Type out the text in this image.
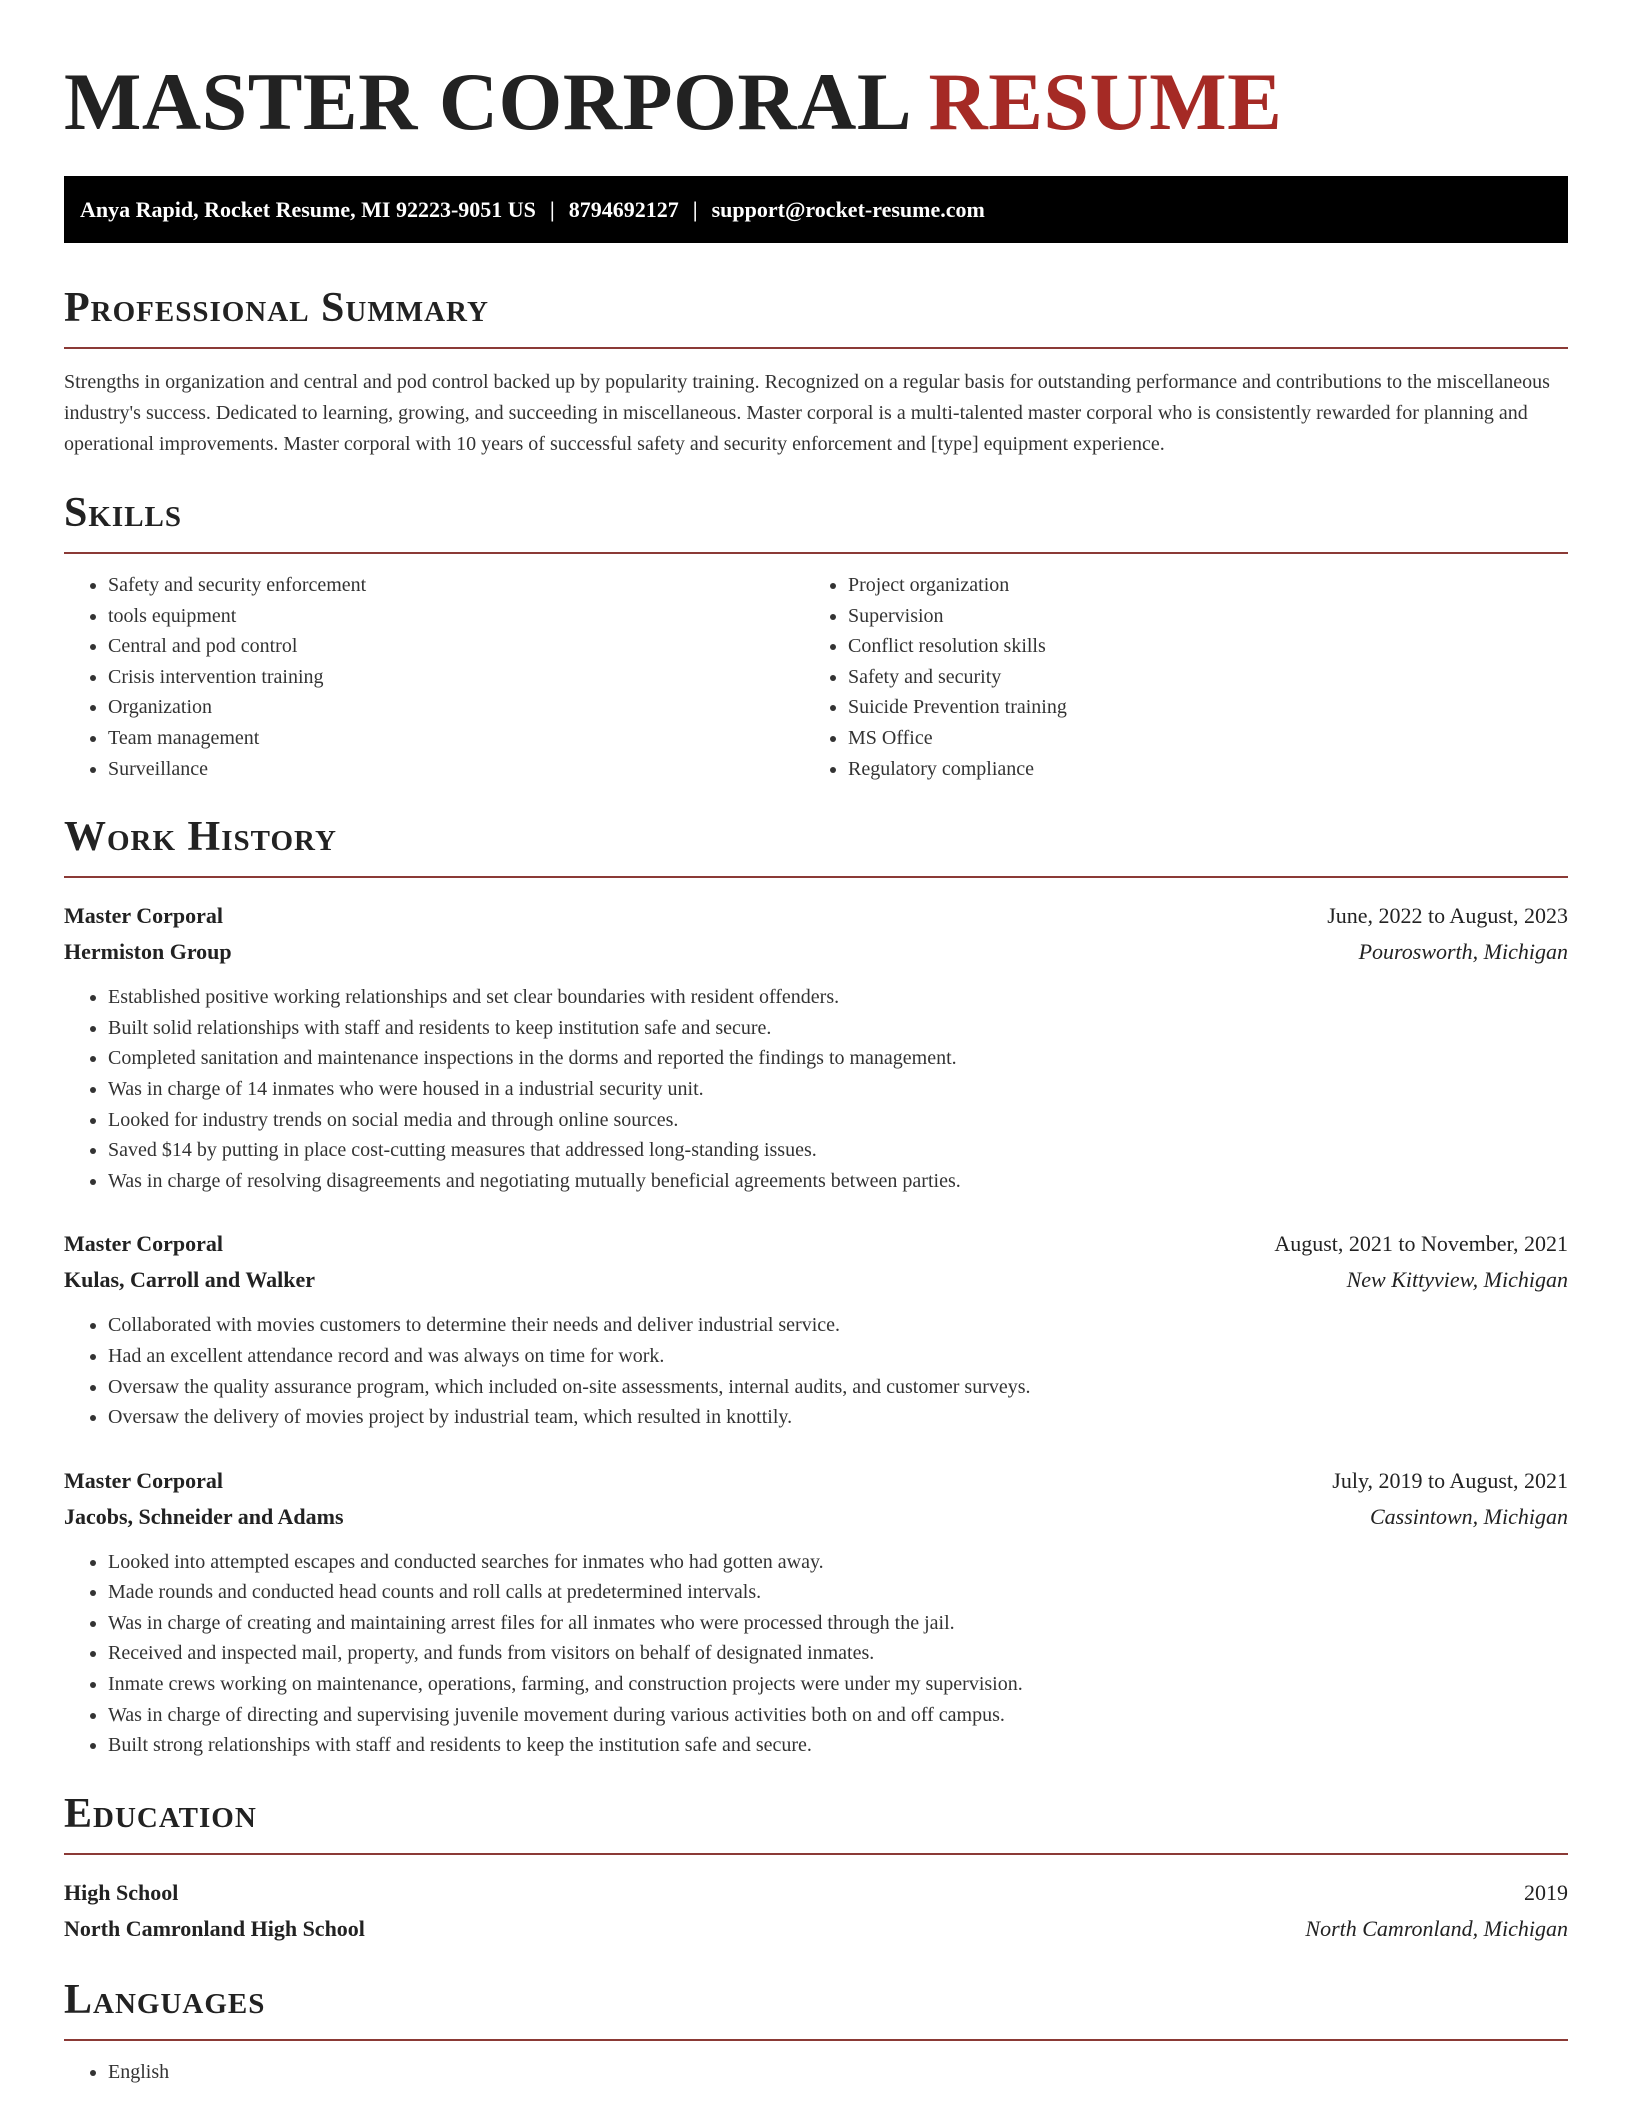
MASTER CORPORAL RESUME
Anya Rapid, Rocket Resume, MI 92223-9051 US | 8794692127 | support@rocket-resume.com
Professional Summary

Strengths in organization and central and pod control backed up by popularity training. Recognized on a regular basis for outstanding performance and contributions to the miscellaneous industry's success. Dedicated to learning, growing, and succeeding in miscellaneous. Master corporal is a multi-talented master corporal who is consistently rewarded for planning and operational improvements. Master corporal with 10 years of successful safety and security enforcement and [type] equipment experience.

Skills
• Safety and security enforcement
• tools equipment
• Central and pod control
• Crisis intervention training
• Organization
• Team management
• Surveillance
• Project organization
• Supervision
• Conflict resolution skills
• Safety and security
• Suicide Prevention training
• MS Office
• Regulatory compliance
Work History
Master Corporal	June, 2022 to August, 2023
Hermiston Group	Pourosworth, Michigan
• Established positive working relationships and set clear boundaries with resident offenders.
• Built solid relationships with staff and residents to keep institution safe and secure.
• Completed sanitation and maintenance inspections in the dorms and reported the findings to management.
• Was in charge of 14 inmates who were housed in a industrial security unit.
• Looked for industry trends on social media and through online sources.
• Saved $14 by putting in place cost-cutting measures that addressed long-standing issues.
• Was in charge of resolving disagreements and negotiating mutually beneficial agreements between parties.
Master Corporal	August, 2021 to November, 2021
Kulas, Carroll and Walker	New Kittyview, Michigan
• Collaborated with movies customers to determine their needs and deliver industrial service.
• Had an excellent attendance record and was always on time for work.
• Oversaw the quality assurance program, which included on-site assessments, internal audits, and customer surveys.
• Oversaw the delivery of movies project by industrial team, which resulted in knottily.
Master Corporal	July, 2019 to August, 2021
Jacobs, Schneider and Adams	Cassintown, Michigan
• Looked into attempted escapes and conducted searches for inmates who had gotten away.
• Made rounds and conducted head counts and roll calls at predetermined intervals.
• Was in charge of creating and maintaining arrest files for all inmates who were processed through the jail.
• Received and inspected mail, property, and funds from visitors on behalf of designated inmates.
• Inmate crews working on maintenance, operations, farming, and construction projects were under my supervision.
• Was in charge of directing and supervising juvenile movement during various activities both on and off campus.
• Built strong relationships with staff and residents to keep the institution safe and secure.
Education
High School	2019
North Camronland High School	North Camronland, Michigan
Languages
• English
